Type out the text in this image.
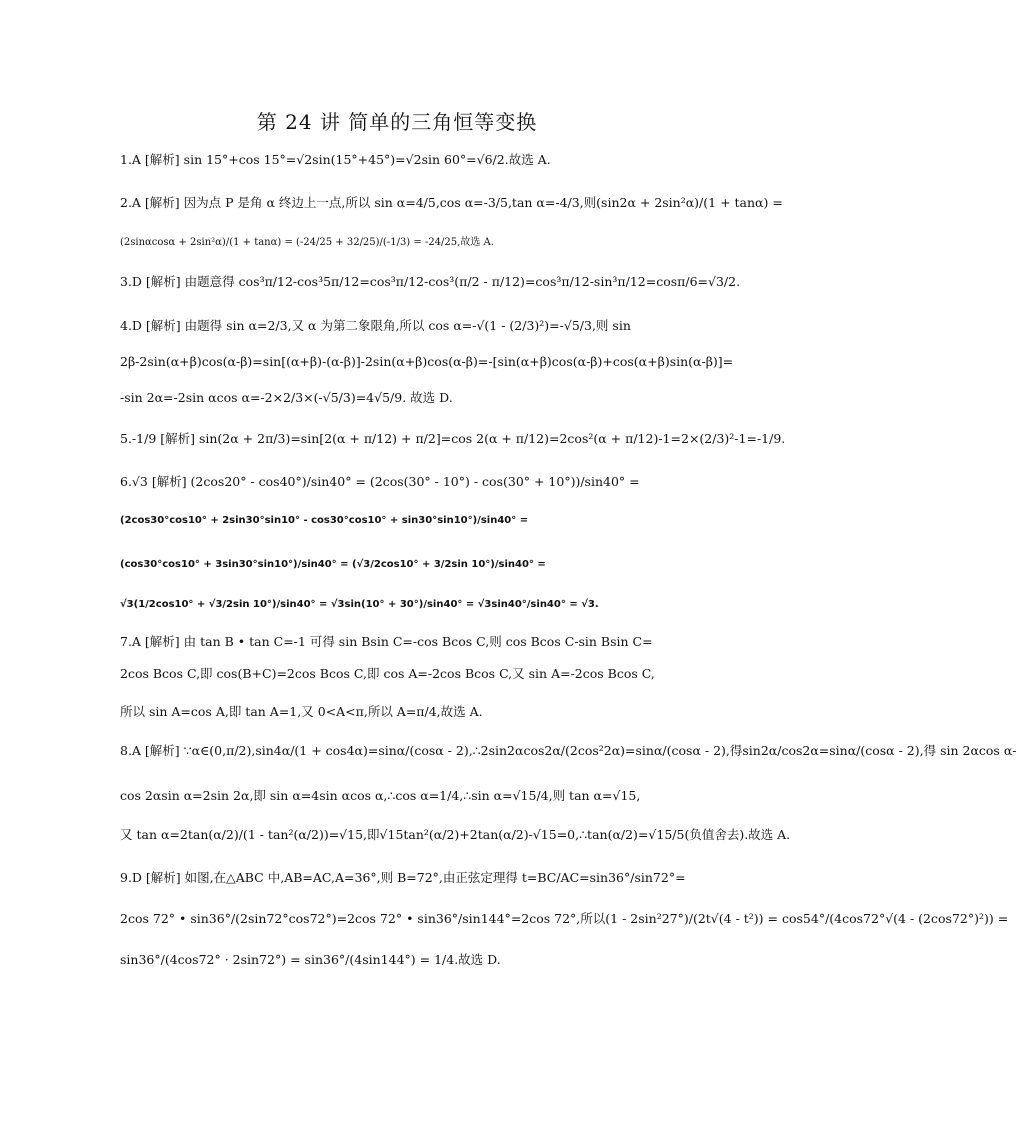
第 24 讲 简单的三角恒等变换
1.A [解析] sin 15°+cos 15°=√2sin(15°+45°)=√2sin 60°=√6/2.故选 A.
2.A [解析] 因为点 P 是角 α 终边上一点,所以 sin α=4/5,cos α=-3/5,tan α=-4/3,则(sin2α + 2sin²α)/(1 + tanα) =
(2sinαcosα + 2sin²α)/(1 + tanα) = (-24/25 + 32/25)/(-1/3) = -24/25,故选 A.
3.D [解析] 由题意得 cos³π/12-cos³5π/12=cos³π/12-cos³(π/2 - π/12)=cos³π/12-sin³π/12=cosπ/6=√3/2.
4.D [解析] 由题得 sin α=2/3,又 α 为第二象限角,所以 cos α=-√(1 - (2/3)²)=-√5/3,则 sin
2β-2sin(α+β)cos(α-β)=sin[(α+β)-(α-β)]-2sin(α+β)cos(α-β)=-[sin(α+β)cos(α-β)+cos(α+β)sin(α-β)]=
-sin 2α=-2sin αcos α=-2×2/3×(-√5/3)=4√5/9. 故选 D.
5.-1/9 [解析] sin(2α + 2π/3)=sin[2(α + π/12) + π/2]=cos 2(α + π/12)=2cos²(α + π/12)-1=2×(2/3)²-1=-1/9.
6.√3 [解析] (2cos20° - cos40°)/sin40° = (2cos(30° - 10°) - cos(30° + 10°))/sin40° =
(2cos30°cos10° + 2sin30°sin10° - cos30°cos10° + sin30°sin10°)/sin40° =
(cos30°cos10° + 3sin30°sin10°)/sin40° = (√3/2cos10° + 3/2sin 10°)/sin40° =
√3(1/2cos10° + √3/2sin 10°)/sin40° = √3sin(10° + 30°)/sin40° = √3sin40°/sin40° = √3.
7.A [解析] 由 tan B • tan C=-1 可得 sin Bsin C=-cos Bcos C,则 cos Bcos C-sin Bsin C=
2cos Bcos C,即 cos(B+C)=2cos Bcos C,即 cos A=-2cos Bcos C,又 sin A=-2cos Bcos C,
所以 sin A=cos A,即 tan A=1,又 0<A<π,所以 A=π/4,故选 A.
8.A [解析] ∵α∈(0,π/2),sin4α/(1 + cos4α)=sinα/(cosα - 2),∴2sin2αcos2α/(2cos²2α)=sinα/(cosα - 2),得sin2α/cos2α=sinα/(cosα - 2),得 sin 2αcos α-
cos 2αsin α=2sin 2α,即 sin α=4sin αcos α,∴cos α=1/4,∴sin α=√15/4,则 tan α=√15,
又 tan α=2tan(α/2)/(1 - tan²(α/2))=√15,即√15tan²(α/2)+2tan(α/2)-√15=0,∴tan(α/2)=√15/5(负值舍去).故选 A.
9.D [解析] 如图,在△ABC 中,AB=AC,A=36°,则 B=72°,由正弦定理得 t=BC/AC=sin36°/sin72°=
2cos 72° • sin36°/(2sin72°cos72°)=2cos 72° • sin36°/sin144°=2cos 72°,所以(1 - 2sin²27°)/(2t√(4 - t²)) = cos54°/(4cos72°√(4 - (2cos72°)²)) =
sin36°/(4cos72° · 2sin72°) = sin36°/(4sin144°) = 1/4.故选 D.
